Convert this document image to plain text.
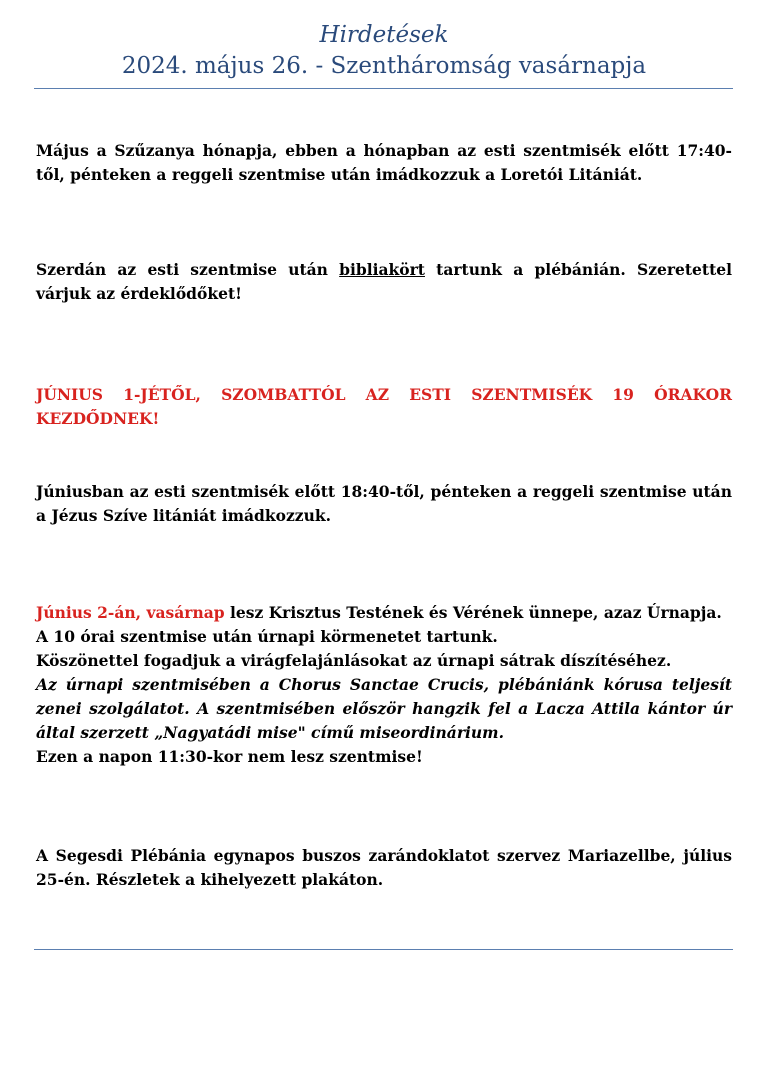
Hirdetések
2024. május 26. - Szentháromság vasárnapja

Május a Szűzanya hónapja, ebben a hónapban az esti szentmisék előtt 17:40-től, pénteken a reggeli szentmise után imádkozzuk a Loretói Litániát.

Szerdán az esti szentmise után bibliakört tartunk a plébánián. Szeretettel várjuk az érdeklődőket!

JÚNIUS 1-JÉTŐL, SZOMBATTÓL AZ ESTI SZENTMISÉK 19 ÓRAKOR KEZDŐDNEK!

Júniusban az esti szentmisék előtt 18:40-től, pénteken a reggeli szentmise után a Jézus Szíve litániát imádkozzuk.

Június 2-án, vasárnap lesz Krisztus Testének és Vérének ünnepe, azaz Úrnapja.

A 10 órai szentmise után úrnapi körmenetet tartunk.

Köszönettel fogadjuk a virágfelajánlásokat az úrnapi sátrak díszítéséhez.

Az úrnapi szentmisében a Chorus Sanctae Crucis, plébániánk kórusa teljesít zenei szolgálatot. A szentmisében először hangzik fel a Lacza Attila kántor úr által szerzett „Nagyatádi mise" című miseordinárium.

Ezen a napon 11:30-kor nem lesz szentmise!

A Segesdi Plébánia egynapos buszos zarándoklatot szervez Mariazellbe, július 25-én. Részletek a kihelyezett plakáton.
